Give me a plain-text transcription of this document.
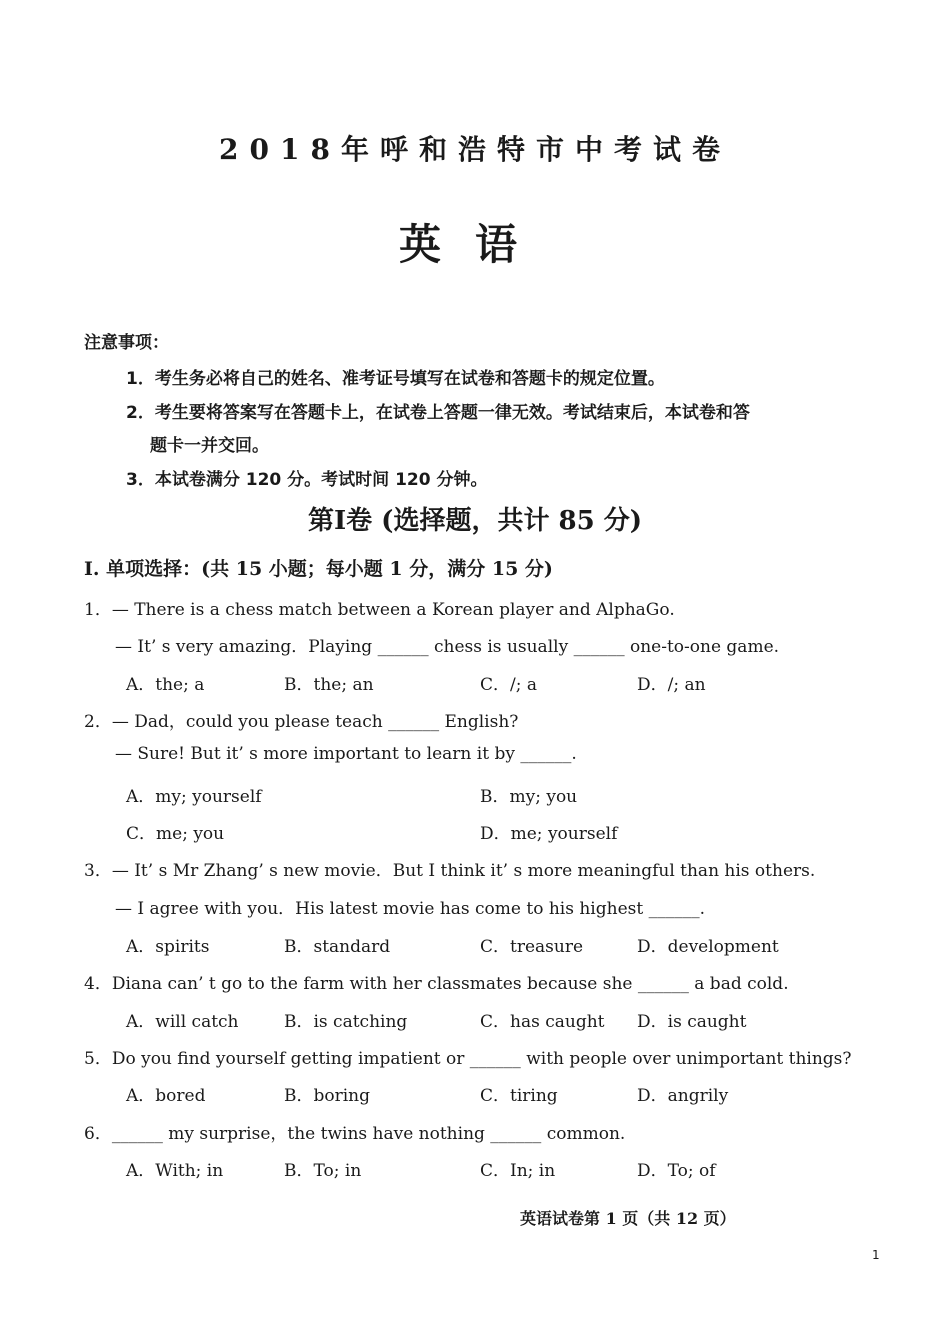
2018年呼和浩特市中考试卷
英语
注意事项：
1．考生务必将自己的姓名、准考证号填写在试卷和答题卡的规定位置。
2．考生要将答案写在答题卡上，在试卷上答题一律无效。考试结束后，本试卷和答
题卡一并交回。
3．本试卷满分 120 分。考试时间 120 分钟。
第Ⅰ卷 (选择题，共计 85 分)
I. 单项选择：(共 15 小题；每小题 1 分，满分 15 分)
1．— There is a chess match between a Korean player and AlphaGo.
— It’ s very amazing．Playing ______ chess is usually ______ one-to-one game.
A．the; a	B．the; an	C．/; a	D．/; an
2．— Dad，could you please teach ______ English?
— Sure! But it’ s more important to learn it by ______.
A．my; yourself	B．my; you
C．me; you	D．me; yourself
3．— It’ s Mr Zhang’ s new movie．But I think it’ s more meaningful than his others.
— I agree with you．His latest movie has come to his highest ______.
A．spirits	B．standard	C．treasure	D．development
4．Diana can’ t go to the farm with her classmates because she ______ a bad cold.
A．will catch	B．is catching	C．has caught D．is caught
5．Do you find yourself getting impatient or ______ with people over unimportant things?
A．bored	B．boring	C．tiring	D．angrily
6．______ my surprise，the twins have nothing ______ common.
A．With; in	B．To; in	C．In; in	D．To; of
英语试卷第 1 页（共 12 页）
1
